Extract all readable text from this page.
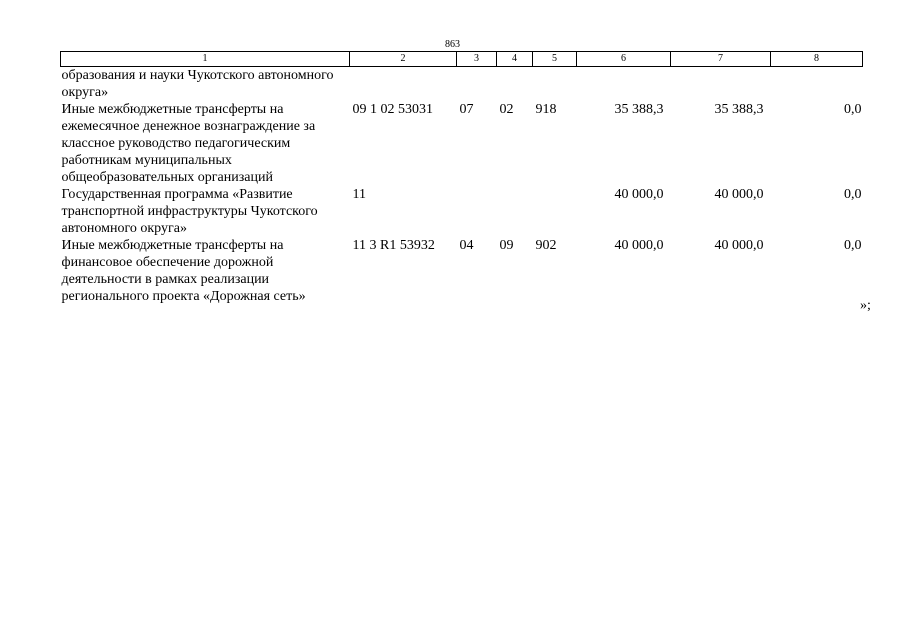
863
1	2	3	4	5	6	7	8
образования и науки Чукотского автономного округа»							
Иные межбюджетные трансферты на ежемесячное денежное вознаграждение за классное руководство педагогическим работникам муниципальных общеобразовательных организаций	09 1 02 53031	07	02	918	35 388,3	35 388,3	0,0
Государственная программа «Развитие транспортной инфраструктуры Чукотского автономного округа»	11				40 000,0	40 000,0	0,0
Иные межбюджетные трансферты на финансовое обеспечение дорожной деятельности в рамках реализации регионального проекта «Дорожная сеть»	11 3 R1 53932	04	09	902	40 000,0	40 000,0	0,0
»;
